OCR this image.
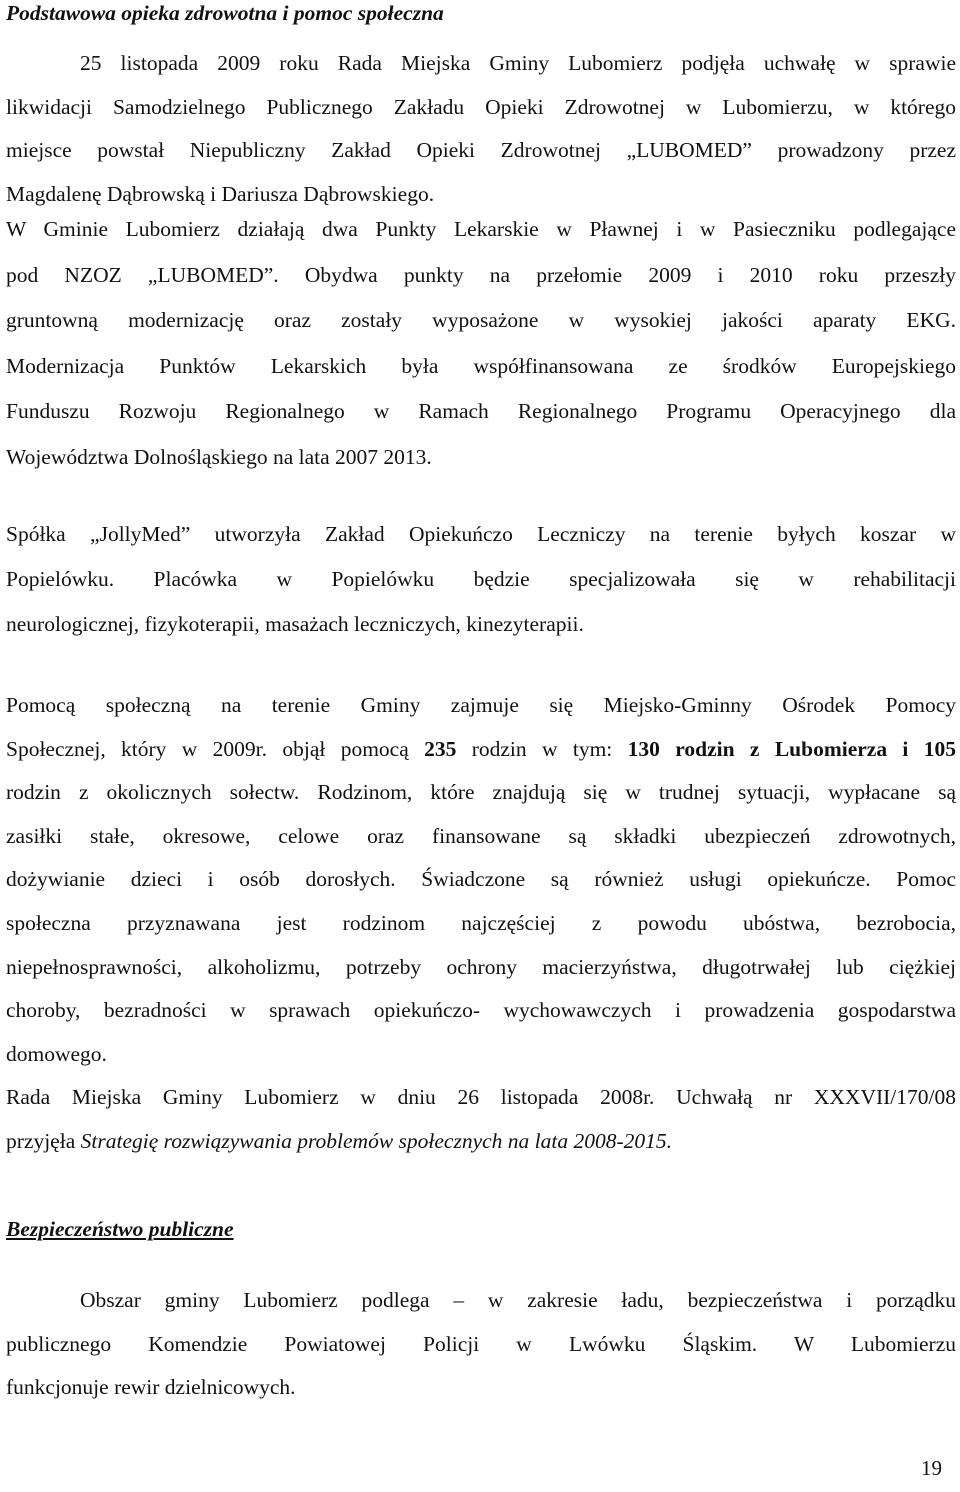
Podstawowa opieka zdrowotna i pomoc społeczna
25 listopada 2009 roku Rada Miejska Gminy Lubomierz podjęła uchwałę w sprawie
likwidacji Samodzielnego Publicznego Zakładu Opieki Zdrowotnej w Lubomierzu, w którego
miejsce powstał Niepubliczny Zakład Opieki Zdrowotnej „LUBOMED” prowadzony przez
Magdalenę Dąbrowską i Dariusza Dąbrowskiego.
W Gminie Lubomierz działają dwa Punkty Lekarskie w Pławnej i w Pasieczniku podlegające
pod NZOZ „LUBOMED”. Obydwa punkty na przełomie 2009 i 2010 roku przeszły
gruntowną modernizację oraz zostały wyposażone w wysokiej jakości aparaty EKG.
Modernizacja Punktów Lekarskich była współfinansowana ze środków Europejskiego
Funduszu Rozwoju Regionalnego w Ramach Regionalnego Programu Operacyjnego dla
Województwa Dolnośląskiego na lata 2007 2013.
Spółka „JollyMed” utworzyła Zakład Opiekuńczo Leczniczy na terenie byłych koszar w
Popielówku. Placówka w Popielówku będzie specjalizowała się w rehabilitacji
neurologicznej, fizykoterapii, masażach leczniczych, kinezyterapii.
Pomocą społeczną na terenie Gminy zajmuje się Miejsko-Gminny Ośrodek Pomocy
Społecznej, który w 2009r. objął pomocą 235 rodzin w tym: 130 rodzin z Lubomierza i 105
rodzin z okolicznych sołectw. Rodzinom, które znajdują się w trudnej sytuacji, wypłacane są
zasiłki stałe, okresowe, celowe oraz finansowane są składki ubezpieczeń zdrowotnych,
dożywianie dzieci i osób dorosłych. Świadczone są również usługi opiekuńcze. Pomoc
społeczna przyznawana jest rodzinom najczęściej z powodu ubóstwa, bezrobocia,
niepełnosprawności, alkoholizmu, potrzeby ochrony macierzyństwa, długotrwałej lub ciężkiej
choroby, bezradności w sprawach opiekuńczo- wychowawczych i prowadzenia gospodarstwa
domowego.
Rada Miejska Gminy Lubomierz w dniu 26 listopada 2008r. Uchwałą nr XXXVII/170/08
przyjęła Strategię rozwiązywania problemów społecznych na lata 2008-2015.
Bezpieczeństwo publiczne
Obszar gminy Lubomierz podlega – w zakresie ładu, bezpieczeństwa i porządku
publicznego Komendzie Powiatowej Policji w Lwówku Śląskim. W Lubomierzu
funkcjonuje rewir dzielnicowych.
19
